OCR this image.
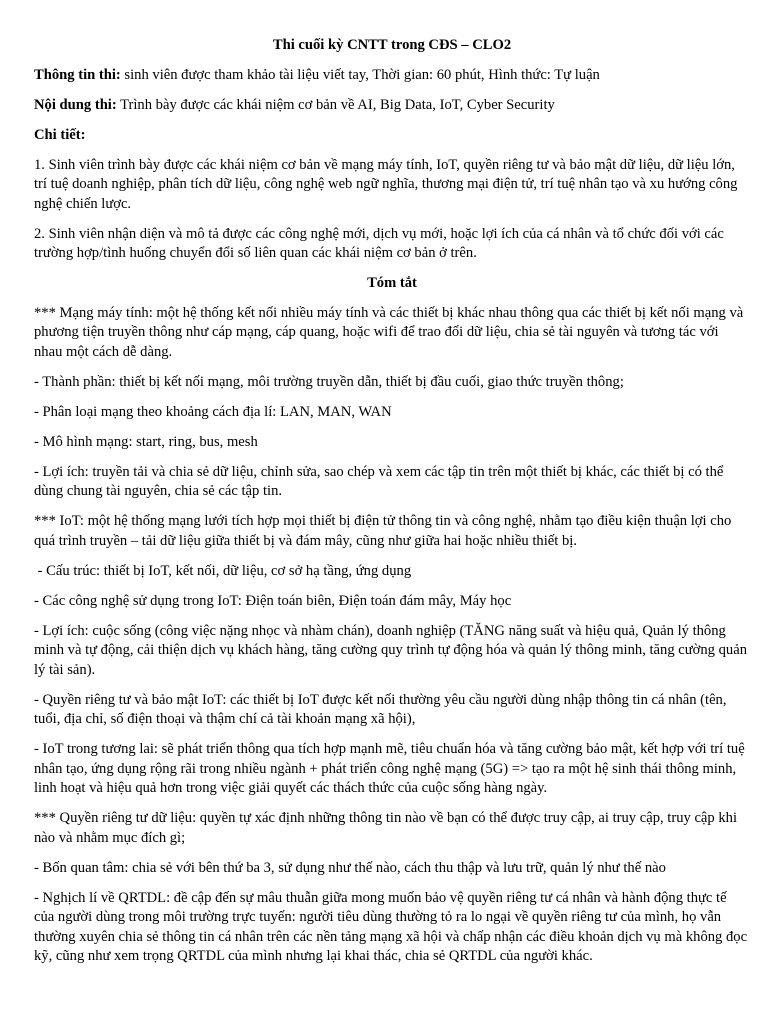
Thi cuối kỳ CNTT trong CĐS – CLO2

Thông tin thi: sinh viên được tham khảo tài liệu viết tay, Thời gian: 60 phút, Hình thức: Tự luận

Nội dung thi: Trình bày được các khái niệm cơ bản về AI, Big Data, IoT, Cyber Security

Chi tiết:

1. Sinh viên trình bày được các khái niệm cơ bản về mạng máy tính, IoT, quyền riêng tư và bảo mật dữ liệu, dữ liệu lớn, trí tuệ doanh nghiệp, phân tích dữ liệu, công nghệ web ngữ nghĩa, thương mại điện tử, trí tuệ nhân tạo và xu hướng công nghệ chiến lược.

2. Sinh viên nhận diện và mô tả được các công nghệ mới, dịch vụ mới, hoặc lợi ích của cá nhân và tổ chức đối với các trường hợp/tình huống chuyển đổi số liên quan các khái niệm cơ bản ở trên.

Tóm tắt

*** Mạng máy tính: một hệ thống kết nối nhiều máy tính và các thiết bị khác nhau thông qua các thiết bị kết nối mạng và phương tiện truyền thông như cáp mạng, cáp quang, hoặc wifi để trao đổi dữ liệu, chia sẻ tài nguyên và tương tác với nhau một cách dễ dàng.

- Thành phần: thiết bị kết nối mạng, môi trường truyền dẫn, thiết bị đầu cuối, giao thức truyền thông;

- Phân loại mạng theo khoảng cách địa lí: LAN, MAN, WAN

- Mô hình mạng: start, ring, bus, mesh

- Lợi ích: truyền tải và chia sẻ dữ liệu, chỉnh sửa, sao chép và xem các tập tin trên một thiết bị khác, các thiết bị có thể dùng chung tài nguyên, chia sẻ các tập tin.

*** IoT: một hệ thống mạng lưới tích hợp mọi thiết bị điện tử thông tin và công nghệ, nhằm tạo điều kiện thuận lợi cho quá trình truyền – tải dữ liệu giữa thiết bị và đám mây, cũng như giữa hai hoặc nhiều thiết bị.

- Cấu trúc: thiết bị IoT, kết nối, dữ liệu, cơ sở hạ tầng, ứng dụng

- Các công nghệ sử dụng trong IoT: Điện toán biên, Điện toán đám mây, Máy học

- Lợi ích: cuộc sống (công việc nặng nhọc và nhàm chán), doanh nghiệp (TĂNG năng suất và hiệu quả, Quản lý thông minh và tự động, cải thiện dịch vụ khách hàng, tăng cường quy trình tự động hóa và quản lý thông minh, tăng cường quản lý tài sản).

- Quyền riêng tư và bảo mật IoT: các thiết bị IoT được kết nối thường yêu cầu người dùng nhập thông tin cá nhân (tên, tuổi, địa chỉ, số điện thoại và thậm chí cả tài khoản mạng xã hội),

- IoT trong tương lai: sẽ phát triển thông qua tích hợp mạnh mẽ, tiêu chuẩn hóa và tăng cường bảo mật, kết hợp với trí tuệ nhân tạo, ứng dụng rộng rãi trong nhiều ngành + phát triển công nghệ mạng (5G) => tạo ra một hệ sinh thái thông minh, linh hoạt và hiệu quả hơn trong việc giải quyết các thách thức của cuộc sống hàng ngày.

*** Quyền riêng tư dữ liệu: quyền tự xác định những thông tin nào về bạn có thể được truy cập, ai truy cập, truy cập khi nào và nhằm mục đích gì;

- Bốn quan tâm: chia sẻ với bên thứ ba 3, sử dụng như thế nào, cách thu thập và lưu trữ, quản lý như thế nào

- Nghịch lí về QRTDL: đề cập đến sự mâu thuẫn giữa mong muốn bảo vệ quyền riêng tư cá nhân và hành động thực tế của người dùng trong môi trường trực tuyến: người tiêu dùng thường tỏ ra lo ngại về quyền riêng tư của mình, họ vẫn thường xuyên chia sẻ thông tin cá nhân trên các nền tảng mạng xã hội và chấp nhận các điều khoản dịch vụ mà không đọc kỹ, cũng như xem trọng QRTDL của mình nhưng lại khai thác, chia sẻ QRTDL của người khác.
